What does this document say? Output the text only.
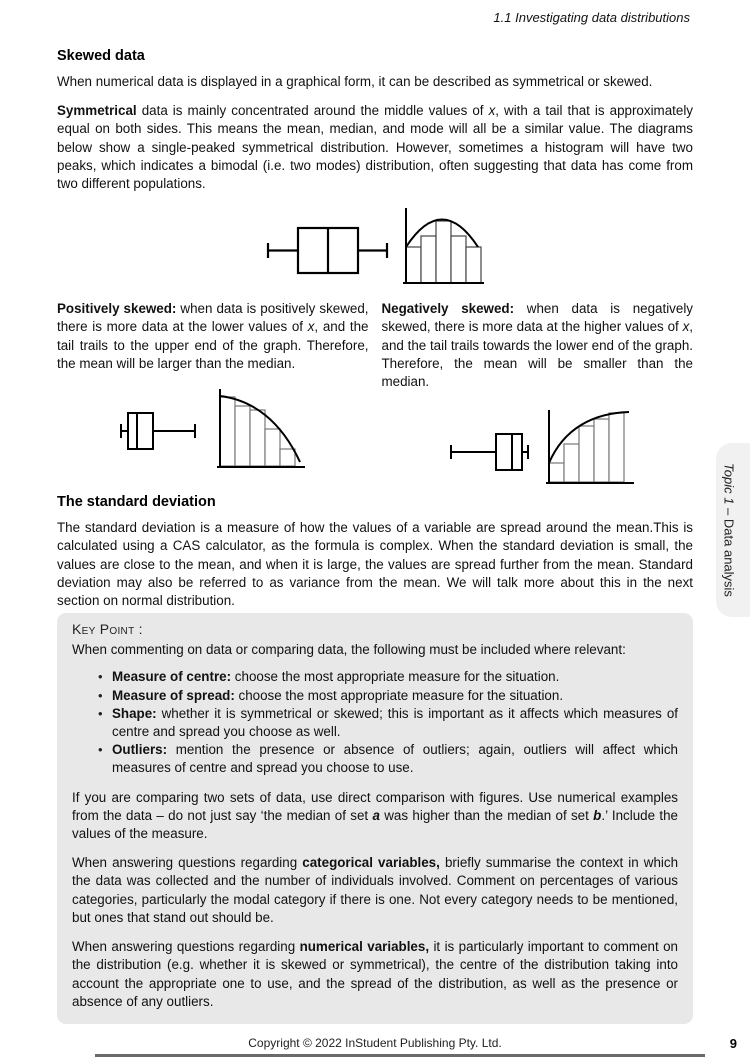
1.1 Investigating data distributions
Skewed data

When numerical data is displayed in a graphical form, it can be described as symmetrical or skewed.

Symmetrical data is mainly concentrated around the middle values of x, with a tail that is approximately equal on both sides. This means the mean, median, and mode will all be a similar value. The diagrams below show a single-peaked symmetrical distribution. However, sometimes a histogram will have two peaks, which indicates a bimodal (i.e. two modes) distribution, often suggesting that data has come from two different populations.

Positively skewed: when data is positively skewed, there is more data at the lower values of x, and the tail trails to the upper end of the graph. Therefore, the mean will be larger than the median.

Negatively skewed: when data is negatively skewed, there is more data at the higher values of x, and the tail trails towards the lower end of the graph. Therefore, the mean will be smaller than the median.

The standard deviation

The standard deviation is a measure of how the values of a variable are spread around the mean.This is calculated using a CAS calculator, as the formula is complex. When the standard deviation is small, the values are close to the mean, and when it is large, the values are spread further from the mean. Standard deviation may also be referred to as variance from the mean. We will talk more about this in the next section on normal distribution.

Key Point :

When commenting on data or comparing data, the following must be included where relevant:

• Measure of centre: choose the most appropriate measure for the situation.
• Measure of spread: choose the most appropriate measure for the situation.
• Shape: whether it is symmetrical or skewed; this is important as it affects which measures of centre and spread you choose as well.
• Outliers: mention the presence or absence of outliers; again, outliers will affect which measures of centre and spread you choose to use.

If you are comparing two sets of data, use direct comparison with figures. Use numerical examples from the data – do not just say ‘the median of set a was higher than the median of set b.’ Include the values of the measure.

When answering questions regarding categorical variables, briefly summarise the context in which the data was collected and the number of individuals involved. Comment on percentages of various categories, particularly the modal category if there is one. Not every category needs to be mentioned, but ones that stand out should be.

When answering questions regarding numerical variables, it is particularly important to comment on the distribution (e.g. whether it is skewed or symmetrical), the centre of the distribution taking into account the appropriate one to use, and the spread of the distribution, as well as the presence or absence of any outliers.

Topic 1 – Data analysis
Copyright © 2022 InStudent Publishing Pty. Ltd.	9
